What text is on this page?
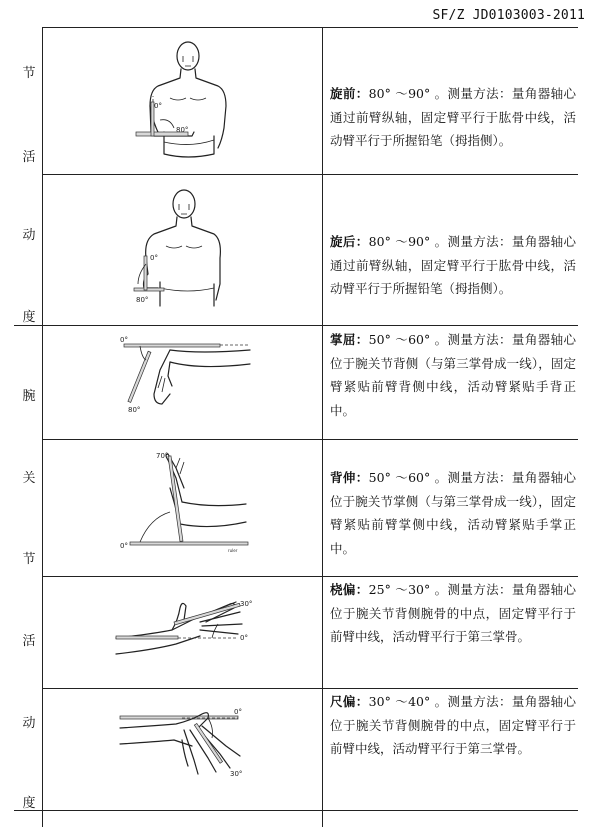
SF/Z JD0103003-2011
节
活
动
度
腕
关
节
活
动
度
旋前：80° ～90° 。测量方法：量角器轴心通过前臂纵轴，固定臂平行于肱骨中线，活动臂平行于所握铅笔（拇指侧）。
旋后：80° ～90° 。测量方法：量角器轴心通过前臂纵轴，固定臂平行于肱骨中线，活动臂平行于所握铅笔（拇指侧）。
掌屈：50° ～60° 。测量方法：量角器轴心位于腕关节背侧（与第三掌骨成一线），固定臂紧贴前臂背侧中线，活动臂紧贴手背正中。
背伸：50° ～60° 。测量方法：量角器轴心位于腕关节掌侧（与第三掌骨成一线），固定臂紧贴前臂掌侧中线，活动臂紧贴手掌正中。
桡偏：25° ～30° 。测量方法：量角器轴心位于腕关节背侧腕骨的中点，固定臂平行于前臂中线，活动臂平行于第三掌骨。
尺偏：30° ～40° 。测量方法：量角器轴心位于腕关节背侧腕骨的中点，固定臂平行于前臂中线，活动臂平行于第三掌骨。
0°
80°
0°
80°
0°
80°
70°
0°
ruler
30°
0°
0°
30°
